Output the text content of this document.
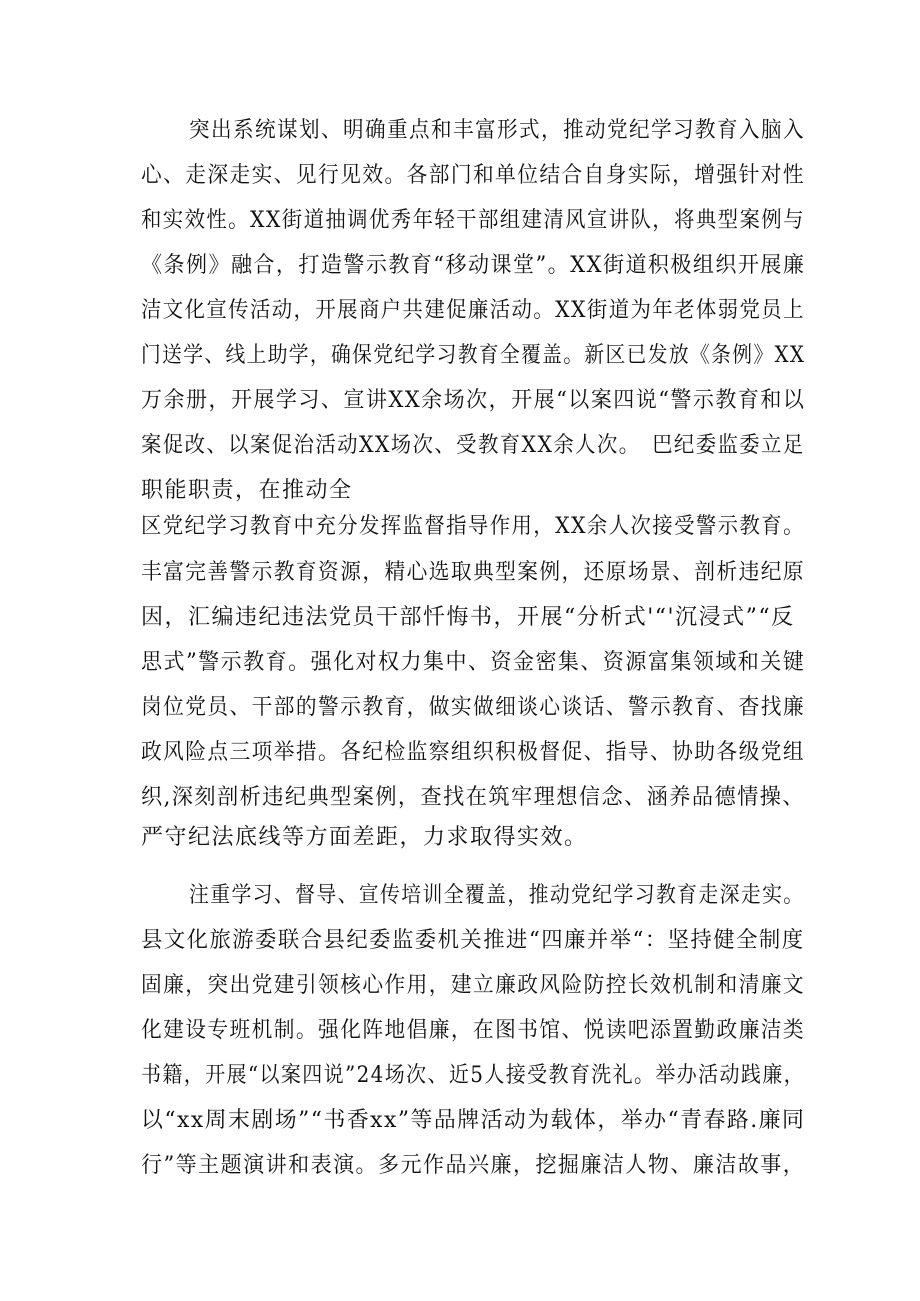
突出系统谋划、明确重点和丰富形式，推动党纪学习教育入脑入

心、走深走实、见行见效。各部门和单位结合自身实际，增强针对性

和实效性。XX街道抽调优秀年轻干部组建清风宣讲队，将典型案例与

《条例》融合，打造警示教育“移动课堂”。XX街道积极组织开展廉

洁文化宣传活动，开展商户共建促廉活动。XX街道为年老体弱党员上

门送学、线上助学，确保党纪学习教育全覆盖。新区已发放《条例》XX

万余册，开展学习、宣讲XX余场次，开展“以案四说“警示教育和以

案促改、以案促治活动XX场次、受教育XX余人次。　巴纪委监委立足

职能职责，在推动全

区党纪学习教育中充分发挥监督指导作用，XX余人次接受警示教育。

丰富完善警示教育资源，精心选取典型案例，还原场景、剖析违纪原

因，汇编违纪违法党员干部忏悔书，开展“分析式'“'沉浸式”“反

思式”警示教育。强化对权力集中、资金密集、资源富集领域和关键

岗位党员、干部的警示教育，做实做细谈心谈话、警示教育、杳找廉

政风险点三项举措。各纪检监察组织积极督促、指导、协助各级党组

织,深刻剖析违纪典型案例，查找在筑牢理想信念、涵养品德情操、

严守纪法底线等方面差距，力求取得实效。

注重学习、督导、宣传培训全覆盖，推动党纪学习教育走深走实。

县文化旅游委联合县纪委监委机关推进“四廉并举“：坚持健全制度

固廉，突出党建引领核心作用，建立廉政风险防控长效机制和清廉文

化建设专班机制。强化阵地倡廉，在图书馆、悦读吧添置勤政廉洁类

书籍，开展“以案四说”24场次、近5人接受教育洗礼。举办活动践廉，

以“xx周末剧场”“书香xx”等品牌活动为载体，举办“青春路.廉同

行”等主题演讲和表演。多元作品兴廉，挖掘廉洁人物、廉洁故事，
